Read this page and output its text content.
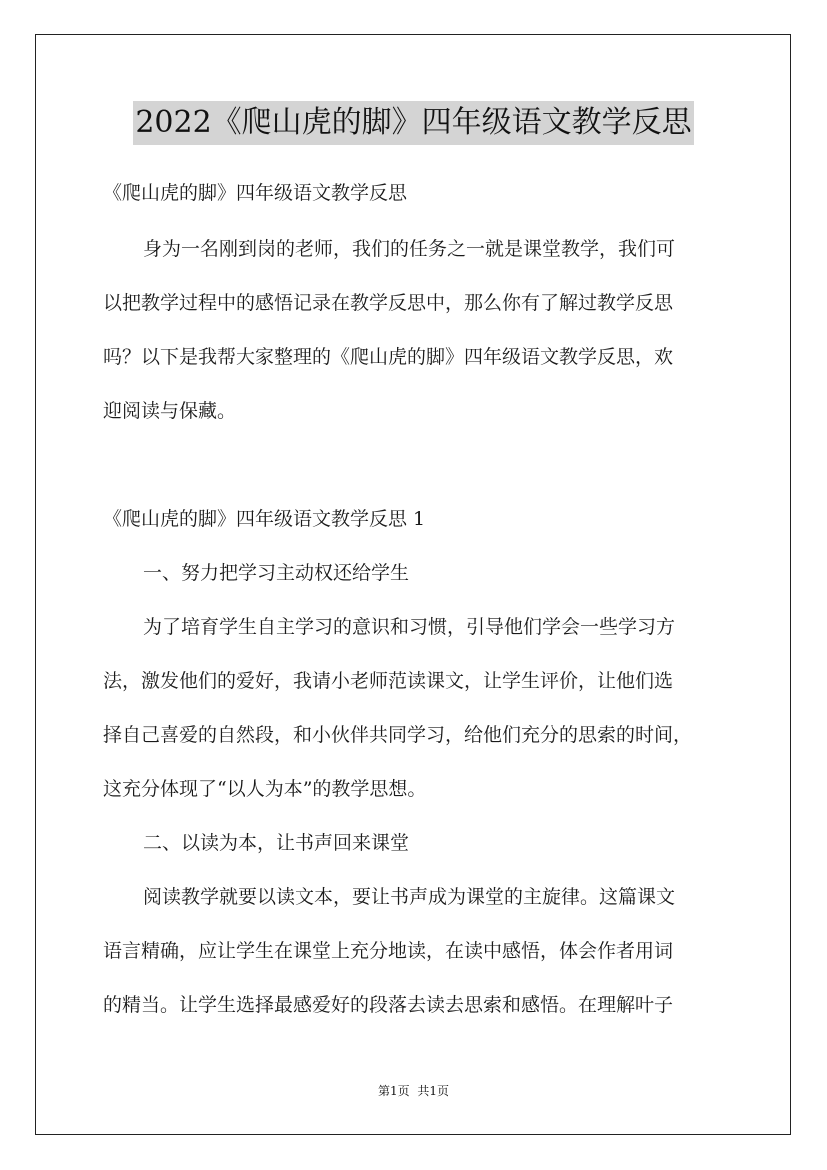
2022《爬山虎的脚》四年级语文教学反思
《爬山虎的脚》四年级语文教学反思
身为一名刚到岗的老师，我们的任务之一就是课堂教学，我们可
以把教学过程中的感悟记录在教学反思中，那么你有了解过教学反思
吗？以下是我帮大家整理的《爬山虎的脚》四年级语文教学反思，欢
迎阅读与保藏。
《爬山虎的脚》四年级语文教学反思 1
一、努力把学习主动权还给学生
为了培育学生自主学习的意识和习惯，引导他们学会一些学习方
法，激发他们的爱好，我请小老师范读课文，让学生评价，让他们选
择自己喜爱的自然段，和小伙伴共同学习，给他们充分的思索的时间，
这充分体现了“以人为本”的教学思想。
二、以读为本，让书声回来课堂
阅读教学就要以读文本，要让书声成为课堂的主旋律。这篇课文
语言精确，应让学生在课堂上充分地读，在读中感悟，体会作者用词
的精当。让学生选择最感爱好的段落去读去思索和感悟。在理解叶子
第1页 共1页
